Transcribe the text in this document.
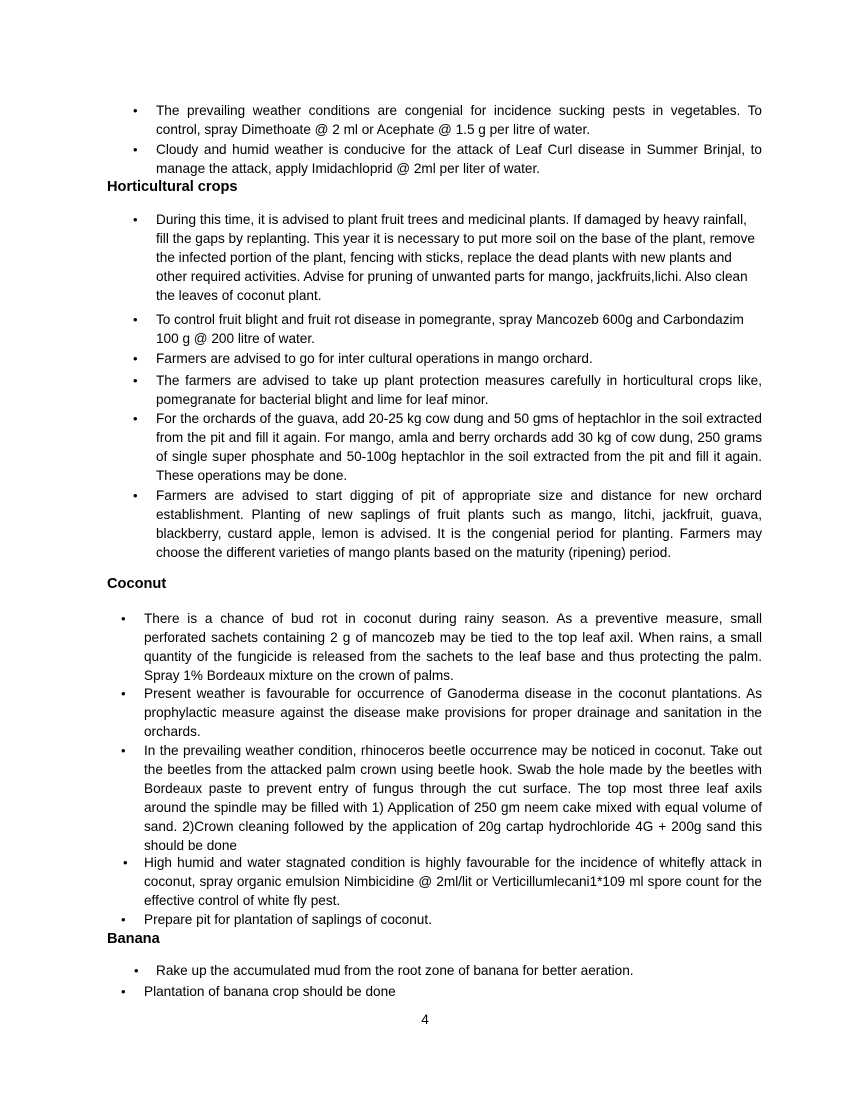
• The prevailing weather conditions are congenial for incidence sucking pests in vegetables. To control, spray Dimethoate @ 2 ml or Acephate @ 1.5 g per litre of water.
• Cloudy and humid weather is conducive for the attack of Leaf Curl disease in Summer Brinjal, to manage the attack, apply Imidachloprid @ 2ml per liter of water.
Horticultural crops
• During this time, it is advised to plant fruit trees and medicinal plants. If damaged by heavy rainfall, fill the gaps by replanting. This year it is necessary to put more soil on the base of the plant, remove the infected portion of the plant, fencing with sticks, replace the dead plants with new plants and other required activities. Advise for pruning of unwanted parts for mango, jackfruits,lichi. Also clean the leaves of coconut plant.
• To control fruit blight and fruit rot disease in pomegrante, spray Mancozeb 600g and Carbondazim 100 g @ 200 litre of water.
• Farmers are advised to go for inter cultural operations in mango orchard.
• The farmers are advised to take up plant protection measures carefully in horticultural crops like, pomegranate for bacterial blight and lime for leaf minor.
• For the orchards of the guava, add 20-25 kg cow dung and 50 gms of heptachlor in the soil extracted from the pit and fill it again. For mango, amla and berry orchards add 30 kg of cow dung, 250 grams of single super phosphate and 50-100g heptachlor in the soil extracted from the pit and fill it again. These operations may be done.
• Farmers are advised to start digging of pit of appropriate size and distance for new orchard establishment. Planting of new saplings of fruit plants such as mango, litchi, jackfruit, guava, blackberry, custard apple, lemon is advised. It is the congenial period for planting. Farmers may choose the different varieties of mango plants based on the maturity (ripening) period.
Coconut
• There is a chance of bud rot in coconut during rainy season. As a preventive measure, small perforated sachets containing 2 g of mancozeb may be tied to the top leaf axil. When rains, a small quantity of the fungicide is released from the sachets to the leaf base and thus protecting the palm. Spray 1% Bordeaux mixture on the crown of palms.
• Present weather is favourable for occurrence of Ganoderma disease in the coconut plantations. As prophylactic measure against the disease make provisions for proper drainage and sanitation in the orchards.
• In the prevailing weather condition, rhinoceros beetle occurrence may be noticed in coconut. Take out the beetles from the attacked palm crown using beetle hook. Swab the hole made by the beetles with Bordeaux paste to prevent entry of fungus through the cut surface. The top most three leaf axils around the spindle may be filled with 1) Application of 250 gm neem cake mixed with equal volume of sand. 2)Crown cleaning followed by the application of 20g cartap hydrochloride 4G + 200g sand this should be done
• High humid and water stagnated condition is highly favourable for the incidence of whitefly attack in coconut, spray organic emulsion Nimbicidine @ 2ml/lit or Verticillumlecani1*109 ml spore count for the effective control of white fly pest.
• Prepare pit for plantation of saplings of coconut.
Banana
• Rake up the accumulated mud from the root zone of banana for better aeration.
• Plantation of banana crop should be done
4
